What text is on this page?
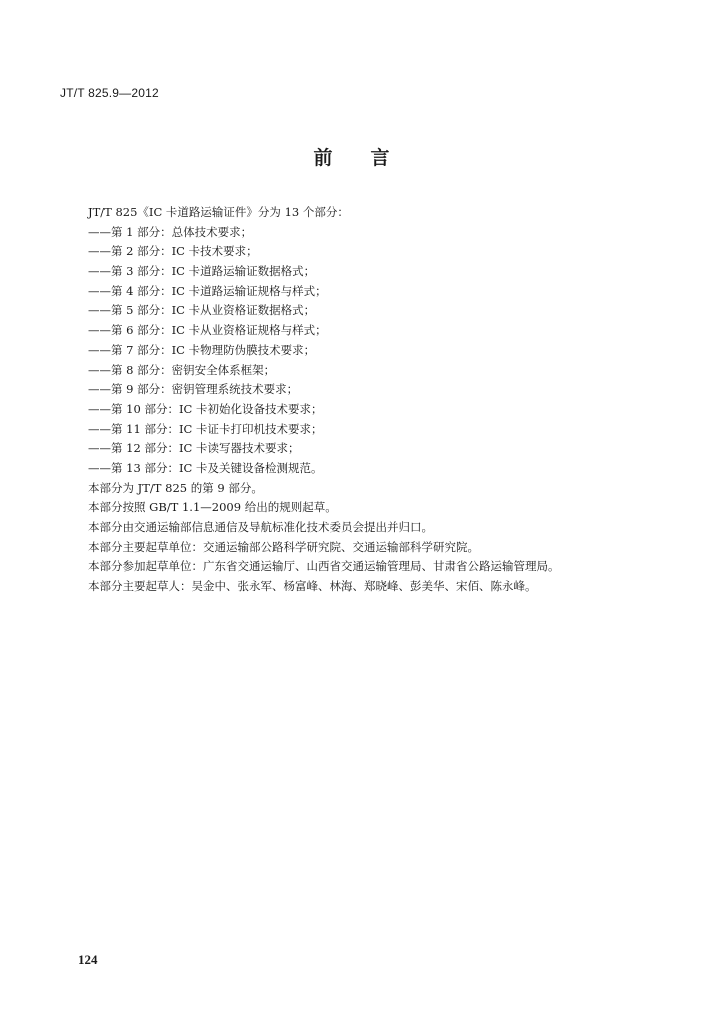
JT/T 825.9—2012
前言
JT/T 825《IC 卡道路运输证件》分为 13 个部分：
——第 1 部分：总体技术要求；
——第 2 部分：IC 卡技术要求；
——第 3 部分：IC 卡道路运输证数据格式；
——第 4 部分：IC 卡道路运输证规格与样式；
——第 5 部分：IC 卡从业资格证数据格式；
——第 6 部分：IC 卡从业资格证规格与样式；
——第 7 部分：IC 卡物理防伪膜技术要求；
——第 8 部分：密钥安全体系框架；
——第 9 部分：密钥管理系统技术要求；
——第 10 部分：IC 卡初始化设备技术要求；
——第 11 部分：IC 卡证卡打印机技术要求；
——第 12 部分：IC 卡读写器技术要求；
——第 13 部分：IC 卡及关键设备检测规范。
本部分为 JT/T 825 的第 9 部分。
本部分按照 GB/T 1.1—2009 给出的规则起草。
本部分由交通运输部信息通信及导航标准化技术委员会提出并归口。
本部分主要起草单位：交通运输部公路科学研究院、交通运输部科学研究院。
本部分参加起草单位：广东省交通运输厅、山西省交通运输管理局、甘肃省公路运输管理局。
本部分主要起草人：吴金中、张永军、杨富峰、林海、郑晓峰、彭美华、宋佰、陈永峰。
124
